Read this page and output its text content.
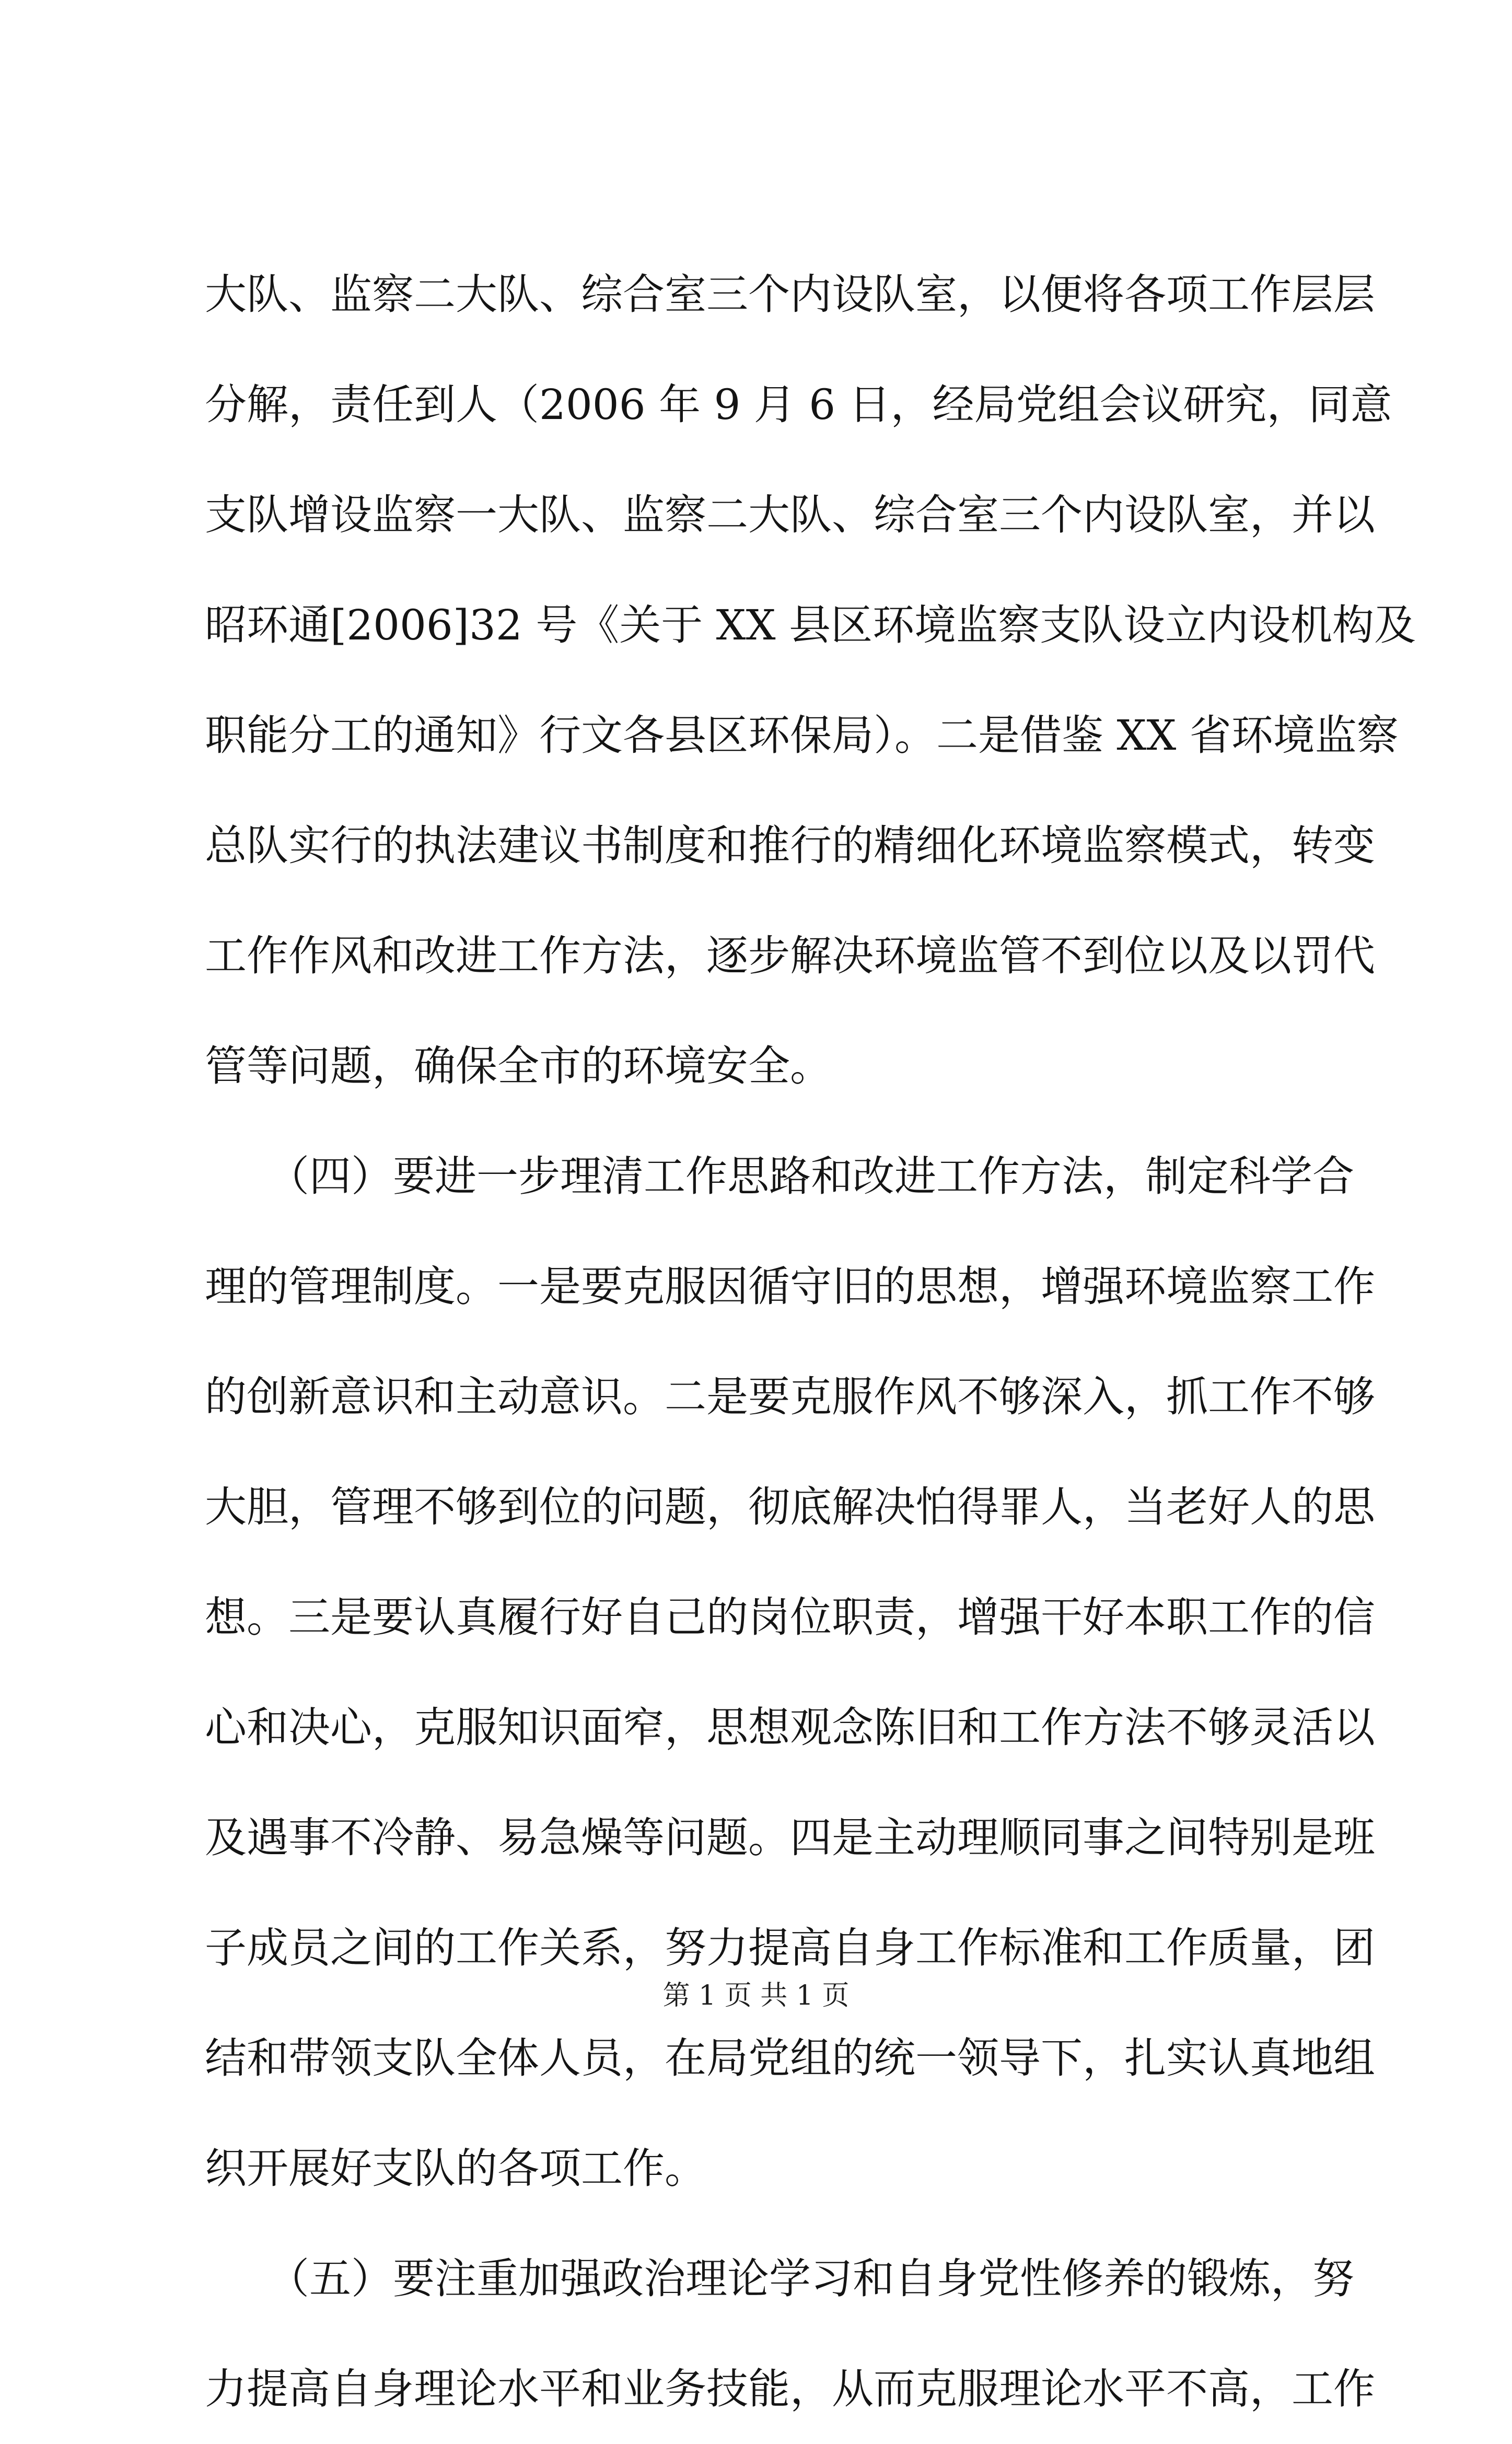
大队、监察二大队、综合室三个内设队室，以便将各项工作层层
分解，责任到人（2006 年 9 月 6 日，经局党组会议研究，同意
支队增设监察一大队、监察二大队、综合室三个内设队室，并以
昭环通[2006]32 号《关于 XX 县区环境监察支队设立内设机构及
职能分工的通知》行文各县区环保局）。二是借鉴 XX 省环境监察
总队实行的执法建议书制度和推行的精细化环境监察模式，转变
工作作风和改进工作方法，逐步解决环境监管不到位以及以罚代
管等问题，确保全市的环境安全。
　　（四）要进一步理清工作思路和改进工作方法，制定科学合
理的管理制度。一是要克服因循守旧的思想，增强环境监察工作
的创新意识和主动意识。二是要克服作风不够深入，抓工作不够
大胆，管理不够到位的问题，彻底解决怕得罪人，当老好人的思
想。三是要认真履行好自己的岗位职责，增强干好本职工作的信
心和决心，克服知识面窄，思想观念陈旧和工作方法不够灵活以
及遇事不冷静、易急燥等问题。四是主动理顺同事之间特别是班
子成员之间的工作关系，努力提高自身工作标准和工作质量，团
结和带领支队全体人员，在局党组的统一领导下，扎实认真地组
织开展好支队的各项工作。
　　（五）要注重加强政治理论学习和自身党性修养的锻炼，努
力提高自身理论水平和业务技能，从而克服理论水平不高，工作
第 1 页 共 1 页
